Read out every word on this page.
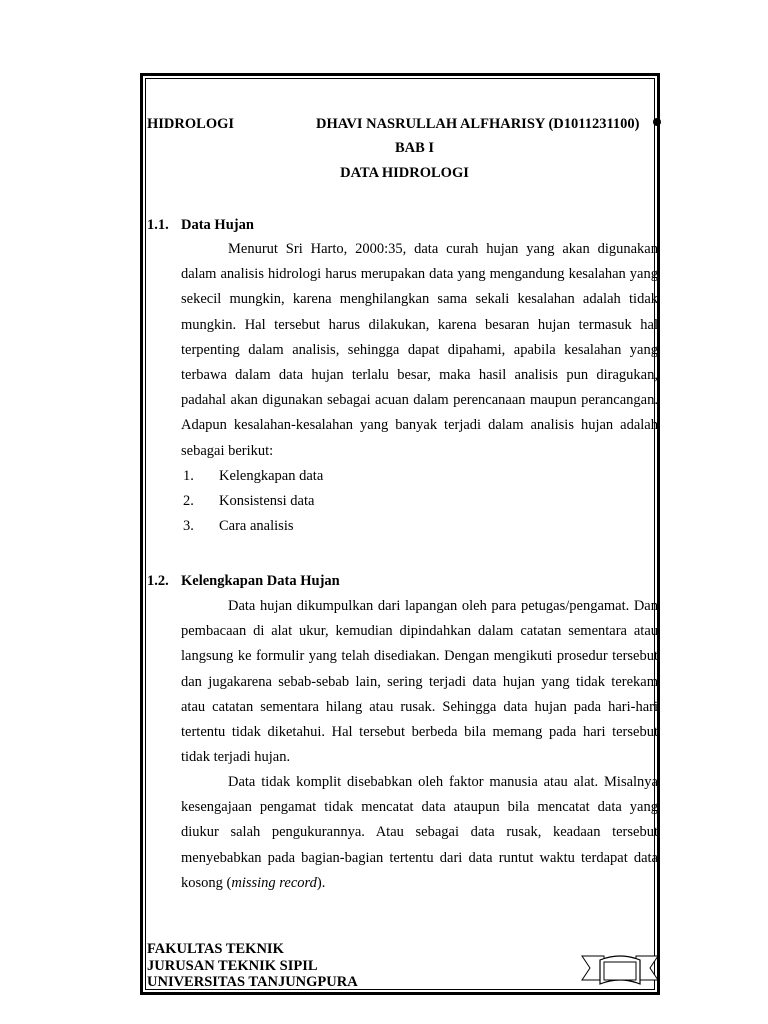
HIDROLOGI	DHAVI NASRULLAH ALFHARISY (D1011231100)
BAB I
DATA HIDROLOGI
1.1. Data Hujan

Menurut Sri Harto, 2000:35, data curah hujan yang akan digunakan dalam analisis hidrologi harus merupakan data yang mengandung kesalahan yang sekecil mungkin, karena menghilangkan sama sekali kesalahan adalah tidak mungkin. Hal tersebut harus dilakukan, karena besaran hujan termasuk hal terpenting dalam analisis, sehingga dapat dipahami, apabila kesalahan yang terbawa dalam data hujan terlalu besar, maka hasil analisis pun diragukan, padahal akan digunakan sebagai acuan dalam perencanaan maupun perancangan. Adapun kesalahan-kesalahan yang banyak terjadi dalam analisis hujan adalah sebagai berikut:

1. Kelengkapan data
2. Konsistensi data
3. Cara analisis
1.2. Kelengkapan Data Hujan

Data hujan dikumpulkan dari lapangan oleh para petugas/pengamat. Dan pembacaan di alat ukur, kemudian dipindahkan dalam catatan sementara atau langsung ke formulir yang telah disediakan. Dengan mengikuti prosedur tersebut dan jugakarena sebab-sebab lain, sering terjadi data hujan yang tidak terekam atau catatan sementara hilang atau rusak. Sehingga data hujan pada hari-hari tertentu tidak diketahui. Hal tersebut berbeda bila memang pada hari tersebut tidak terjadi hujan.

Data tidak komplit disebabkan oleh faktor manusia atau alat. Misalnya kesengajaan pengamat tidak mencatat data ataupun bila mencatat data yang diukur salah pengukurannya. Atau sebagai data rusak, keadaan tersebut menyebabkan pada bagian-bagian tertentu dari data runtut waktu terdapat data kosong (missing record).

FAKULTAS TEKNIK
JURUSAN TEKNIK SIPIL
UNIVERSITAS TANJUNGPURA
